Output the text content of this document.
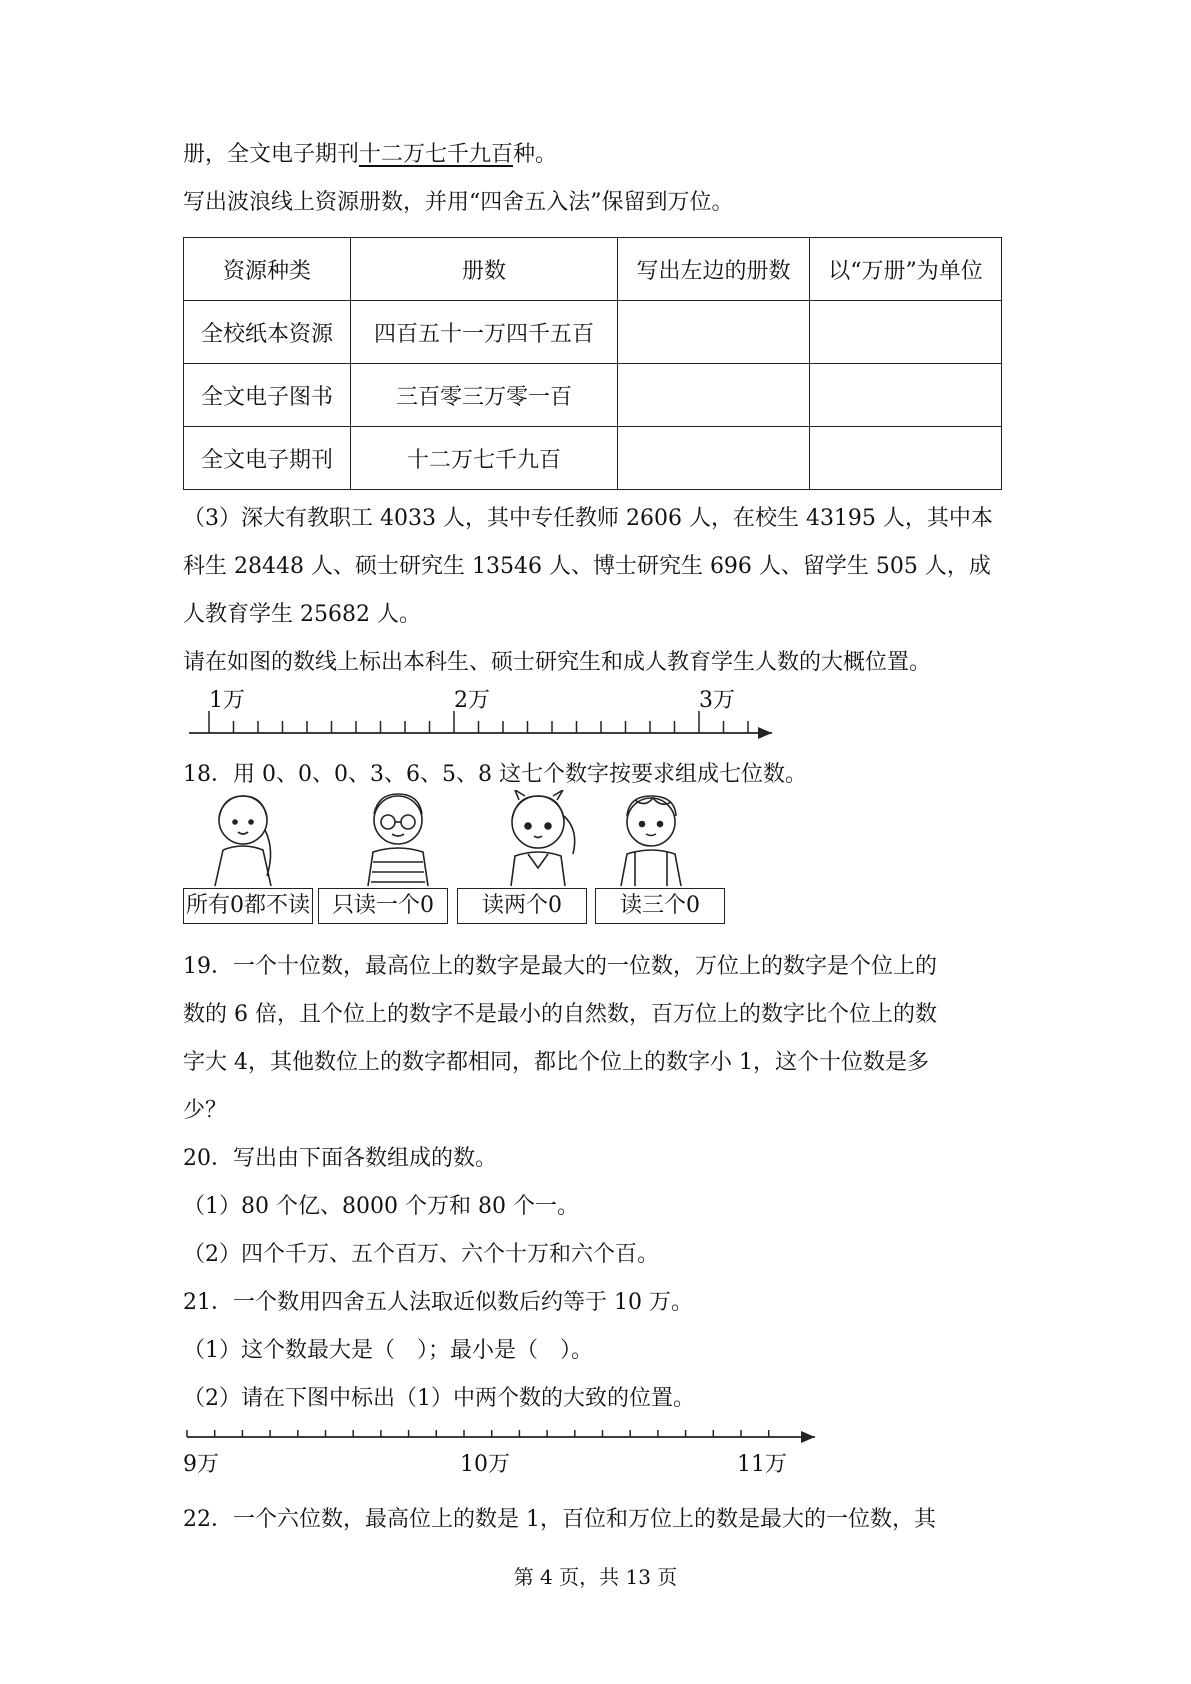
册，全文电子期刊十二万七千九百种。
写出波浪线上资源册数，并用“四舍五入法”保留到万位。
资源种类	册数	写出左边的册数	以“万册”为单位
全校纸本资源	四百五十一万四千五百		
全文电子图书	三百零三万零一百		
全文电子期刊	十二万七千九百		
（3）深大有教职工 4033 人，其中专任教师 2606 人，在校生 43195 人，其中本
科生 28448 人、硕士研究生 13546 人、博士研究生 696 人、留学生 505 人，成
人教育学生 25682 人。
请在如图的数线上标出本科生、硕士研究生和成人教育学生人数的大概位置。
1万	2万	3万
9万	10万	11万
18．用 0、0、0、3、6、5、8 这七个数字按要求组成七位数。
所有0都不读	只读一个0	读两个0	读三个0
19．一个十位数，最高位上的数字是最大的一位数，万位上的数字是个位上的
数的 6 倍，且个位上的数字不是最小的自然数，百万位上的数字比个位上的数
字大 4，其他数位上的数字都相同，都比个位上的数字小 1，这个十位数是多
少？
20．写出由下面各数组成的数。
（1）80 个亿、8000 个万和 80 个一。
（2）四个千万、五个百万、六个十万和六个百。
21．一个数用四舍五人法取近似数后约等于 10 万。
（1）这个数最大是（　）；最小是（　）。
（2）请在下图中标出（1）中两个数的大致的位置。
22．一个六位数，最高位上的数是 1，百位和万位上的数是最大的一位数，其
第 4 页，共 13 页
